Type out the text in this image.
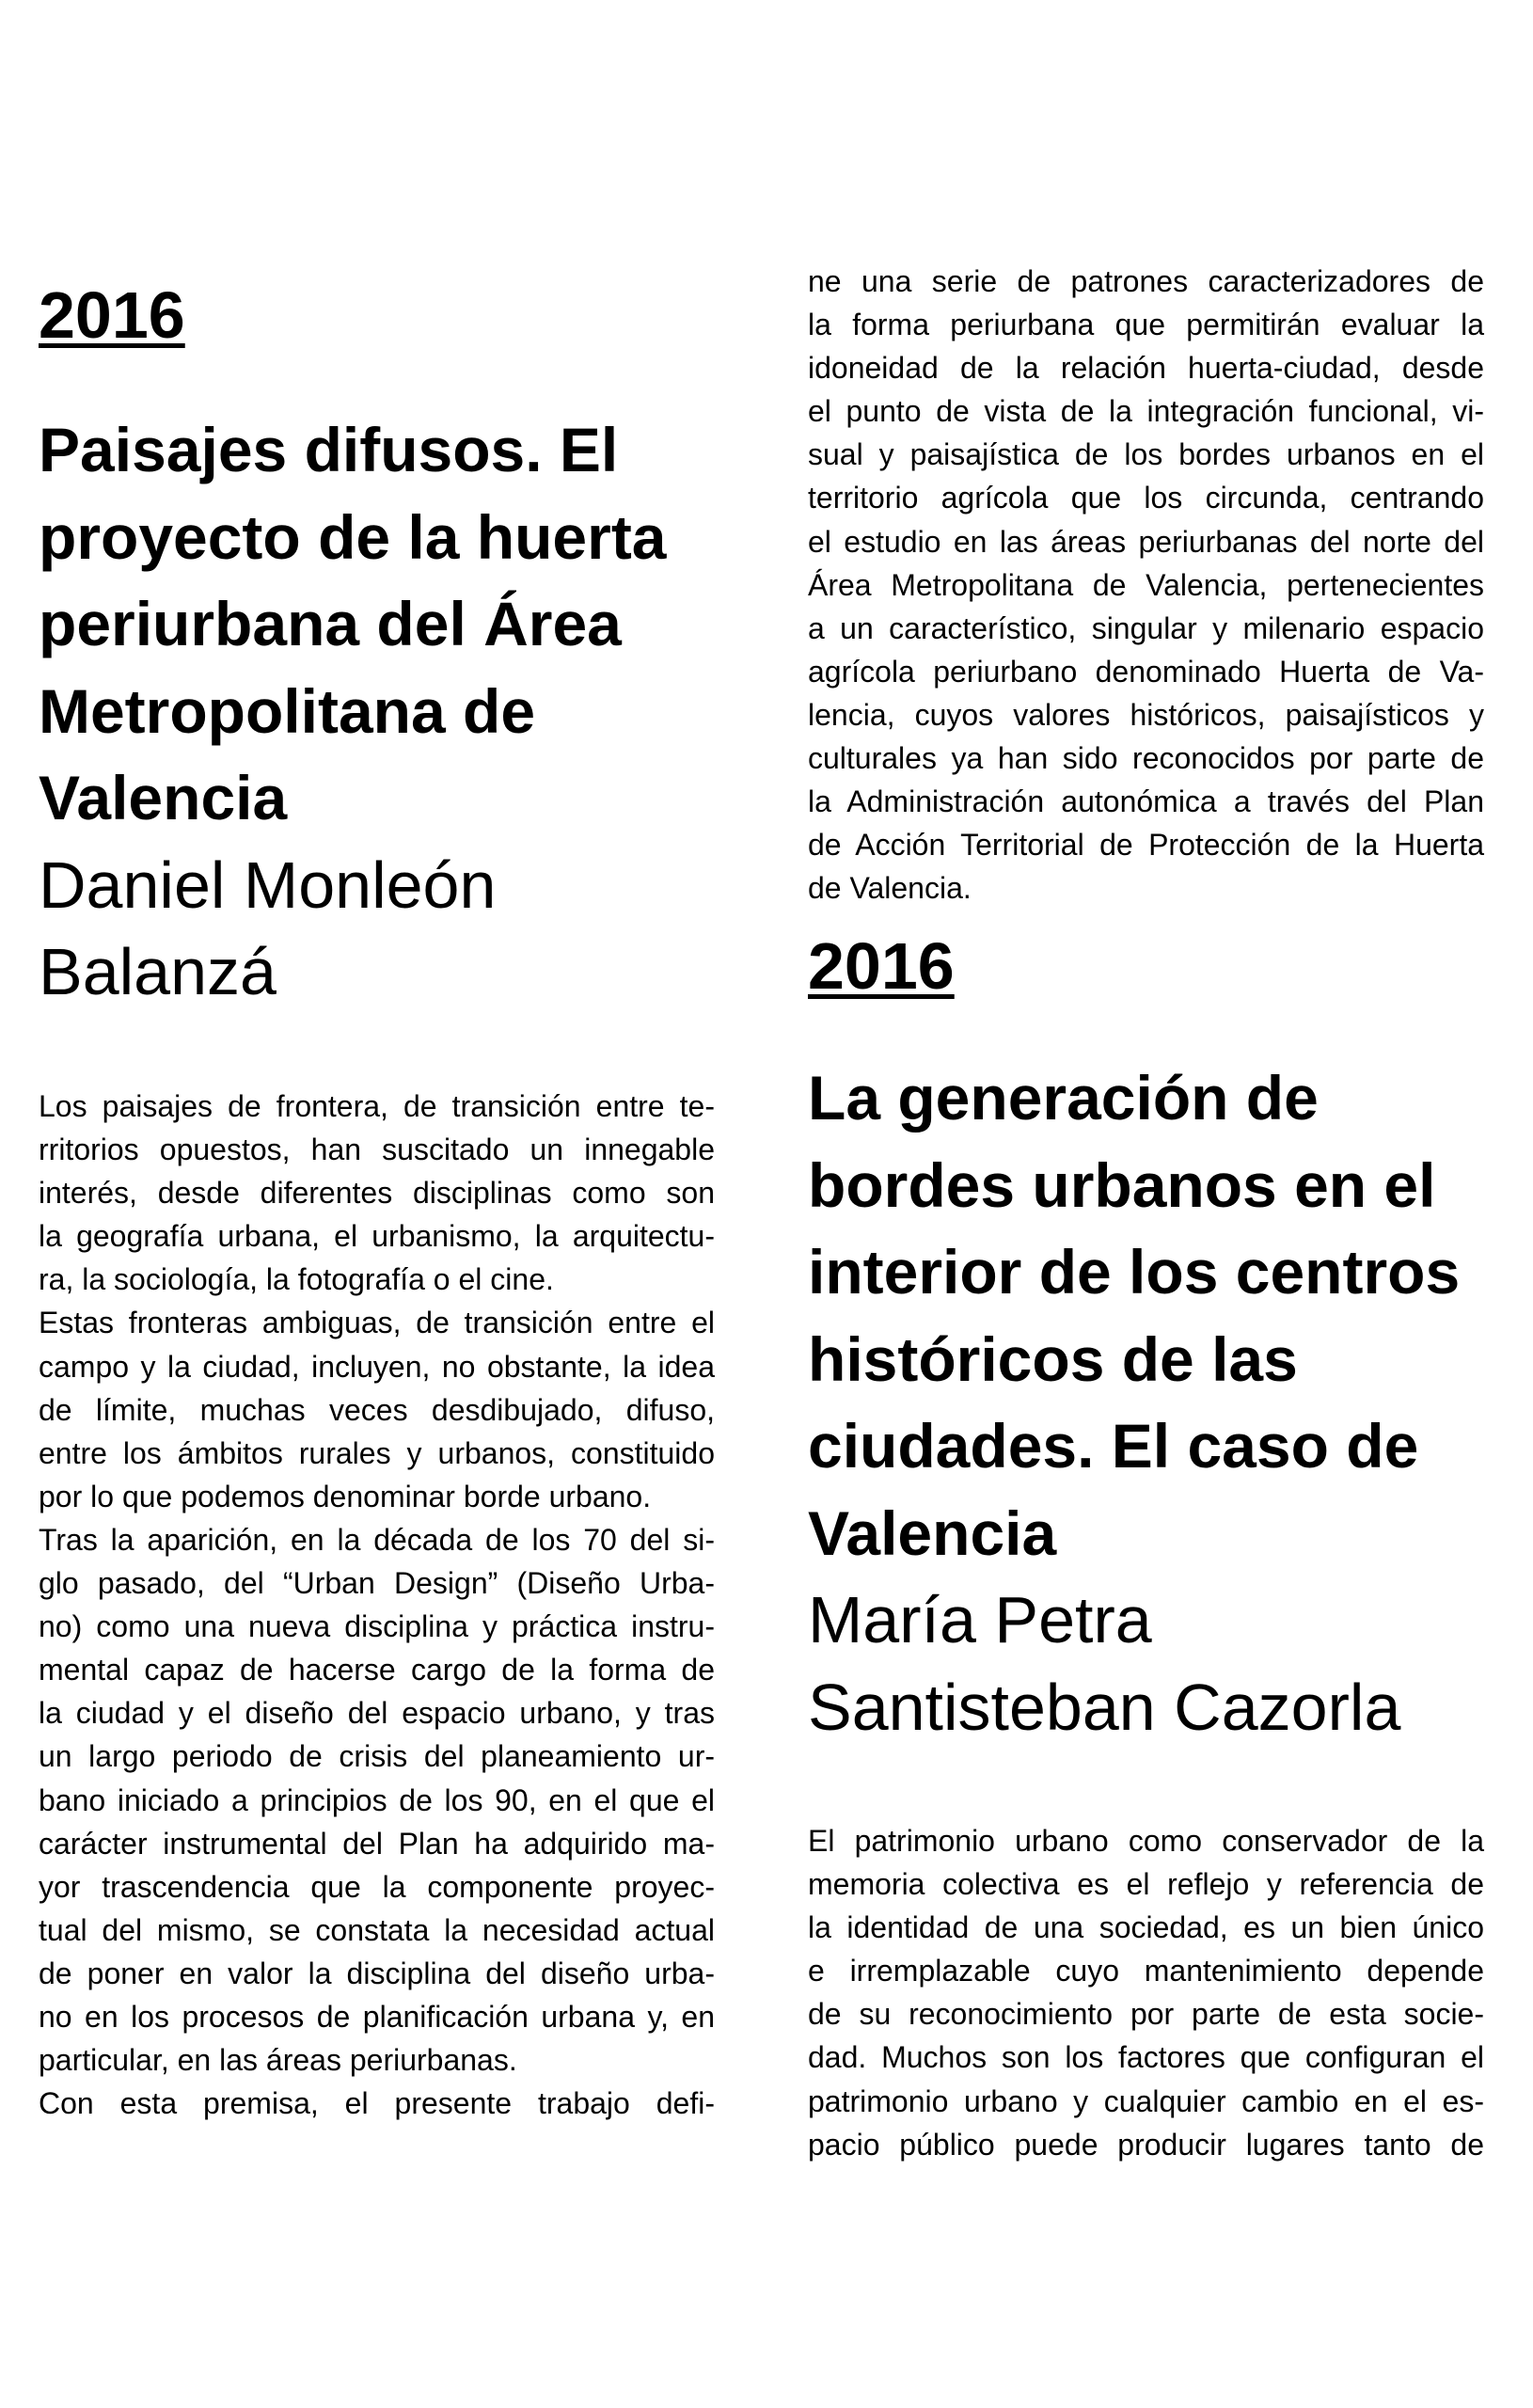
2016
Paisajes difusos. El
proyecto de la huerta
periurbana del Área
Metropolitana de
Valencia
Daniel Monleón
Balanzá
Los paisajes de frontera, de transición entre te-
rritorios opuestos, han suscitado un innegable
interés, desde diferentes disciplinas como son
la geografía urbana, el urbanismo, la arquitectu-
ra, la sociología, la fotografía o el cine.
Estas fronteras ambiguas, de transición entre el
campo y la ciudad, incluyen, no obstante, la idea
de límite, muchas veces desdibujado, difuso,
entre los ámbitos rurales y urbanos, constituido
por lo que podemos denominar borde urbano.
Tras la aparición, en la década de los 70 del si-
glo pasado, del “Urban Design” (Diseño Urba-
no) como una nueva disciplina y práctica instru-
mental capaz de hacerse cargo de la forma de
la ciudad y el diseño del espacio urbano, y tras
un largo periodo de crisis del planeamiento ur-
bano iniciado a principios de los 90, en el que el
carácter instrumental del Plan ha adquirido ma-
yor trascendencia que la componente proyec-
tual del mismo, se constata la necesidad actual
de poner en valor la disciplina del diseño urba-
no en los procesos de planificación urbana y, en
particular, en las áreas periurbanas.
Con esta premisa, el presente trabajo defi-
ne una serie de patrones caracterizadores de
la forma periurbana que permitirán evaluar la
idoneidad de la relación huerta-ciudad, desde
el punto de vista de la integración funcional, vi-
sual y paisajística de los bordes urbanos en el
territorio agrícola que los circunda, centrando
el estudio en las áreas periurbanas del norte del
Área Metropolitana de Valencia, pertenecientes
a un característico, singular y milenario espacio
agrícola periurbano denominado Huerta de Va-
lencia, cuyos valores históricos, paisajísticos y
culturales ya han sido reconocidos por parte de
la Administración autonómica a través del Plan
de Acción Territorial de Protección de la Huerta
de Valencia.
2016
La generación de
bordes urbanos en el
interior de los centros
históricos de las
ciudades. El caso de
Valencia
María Petra
Santisteban Cazorla
El patrimonio urbano como conservador de la
memoria colectiva es el reflejo y referencia de
la identidad de una sociedad, es un bien único
e irremplazable cuyo mantenimiento depende
de su reconocimiento por parte de esta socie-
dad. Muchos son los factores que configuran el
patrimonio urbano y cualquier cambio en el es-
pacio público puede producir lugares tanto de
